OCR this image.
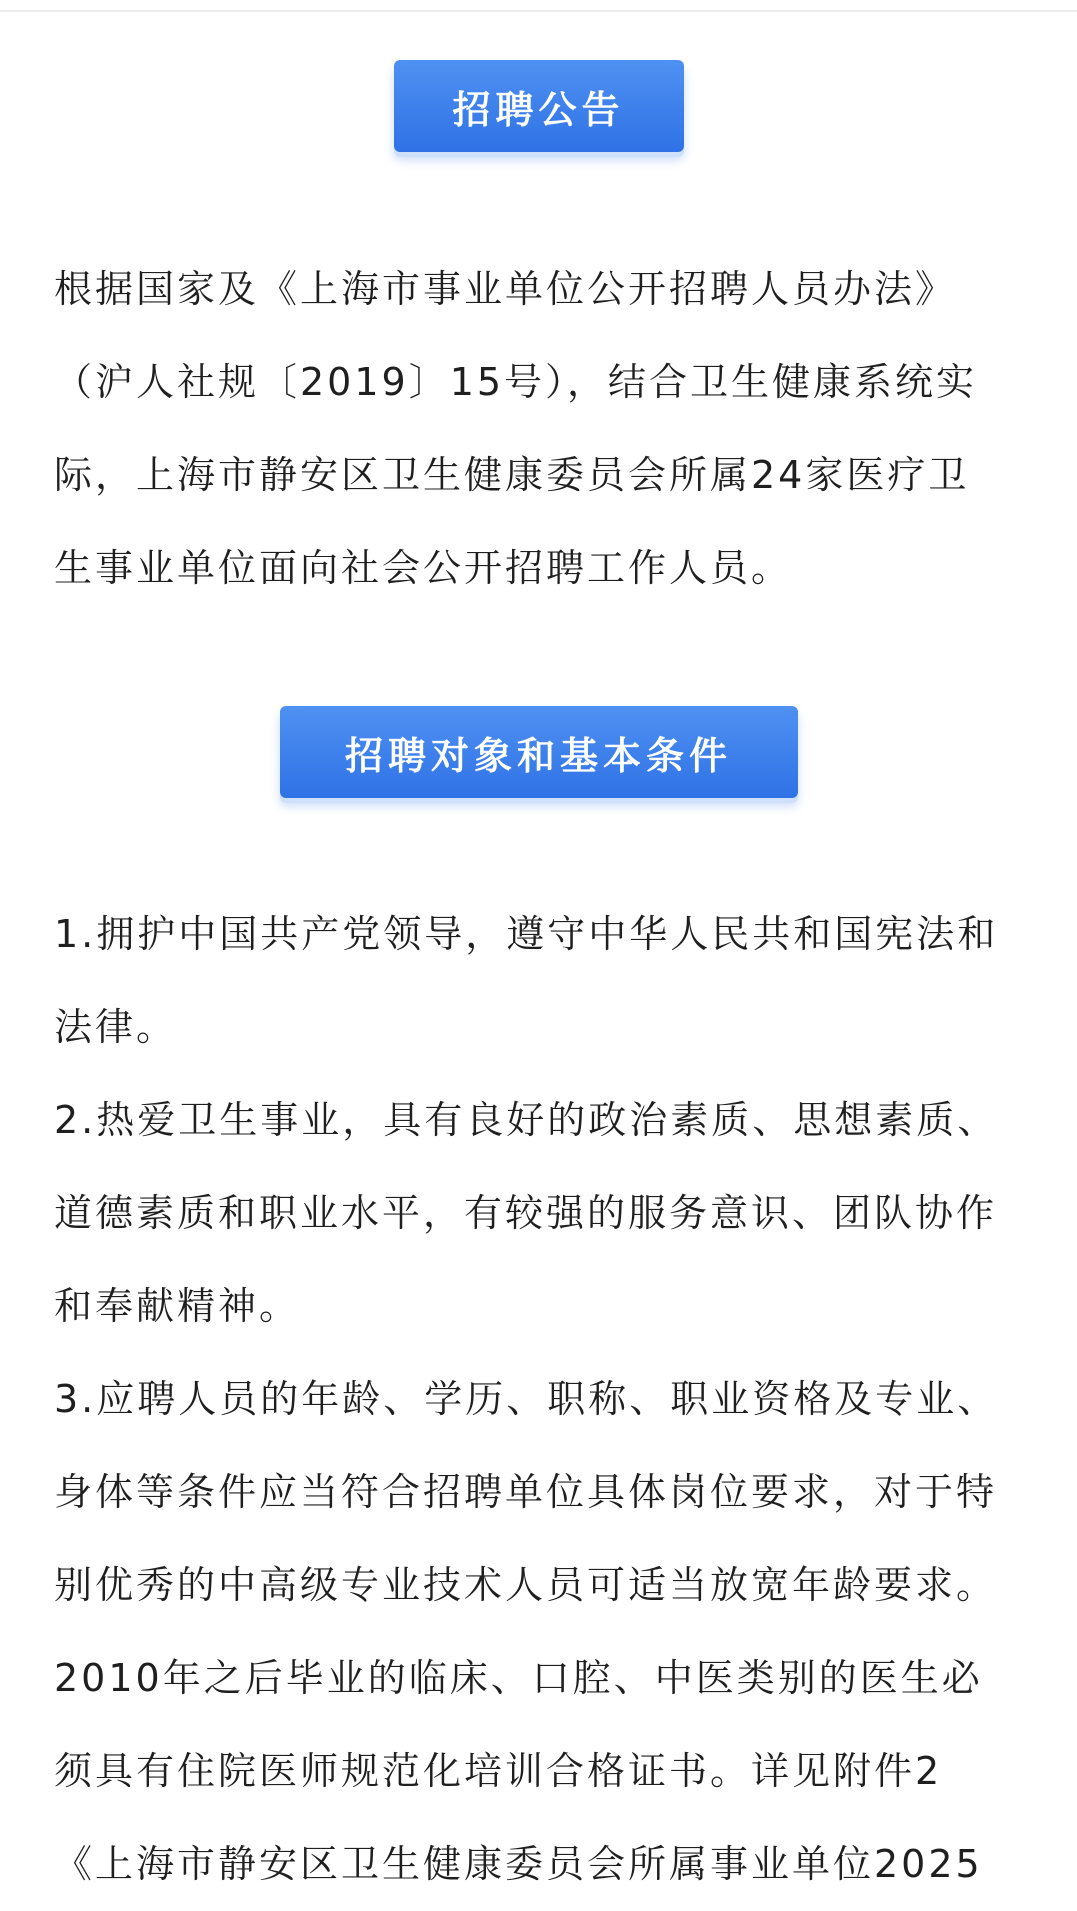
招聘公告

根据国家及《上海市事业单位公开招聘人员办法》
（沪人社规〔2019〕15号），结合卫生健康系统实
际，上海市静安区卫生健康委员会所属24家医疗卫
生事业单位面向社会公开招聘工作人员。

招聘对象和基本条件

1.拥护中国共产党领导，遵守中华人民共和国宪法和
法律。
2.热爱卫生事业，具有良好的政治素质、思想素质、
道德素质和职业水平，有较强的服务意识、团队协作
和奉献精神。
3.应聘人员的年龄、学历、职称、职业资格及专业、
身体等条件应当符合招聘单位具体岗位要求，对于特
别优秀的中高级专业技术人员可适当放宽年龄要求。
2010年之后毕业的临床、口腔、中医类别的医生必
须具有住院医师规范化培训合格证书。详见附件2
《上海市静安区卫生健康委员会所属事业单位2025
